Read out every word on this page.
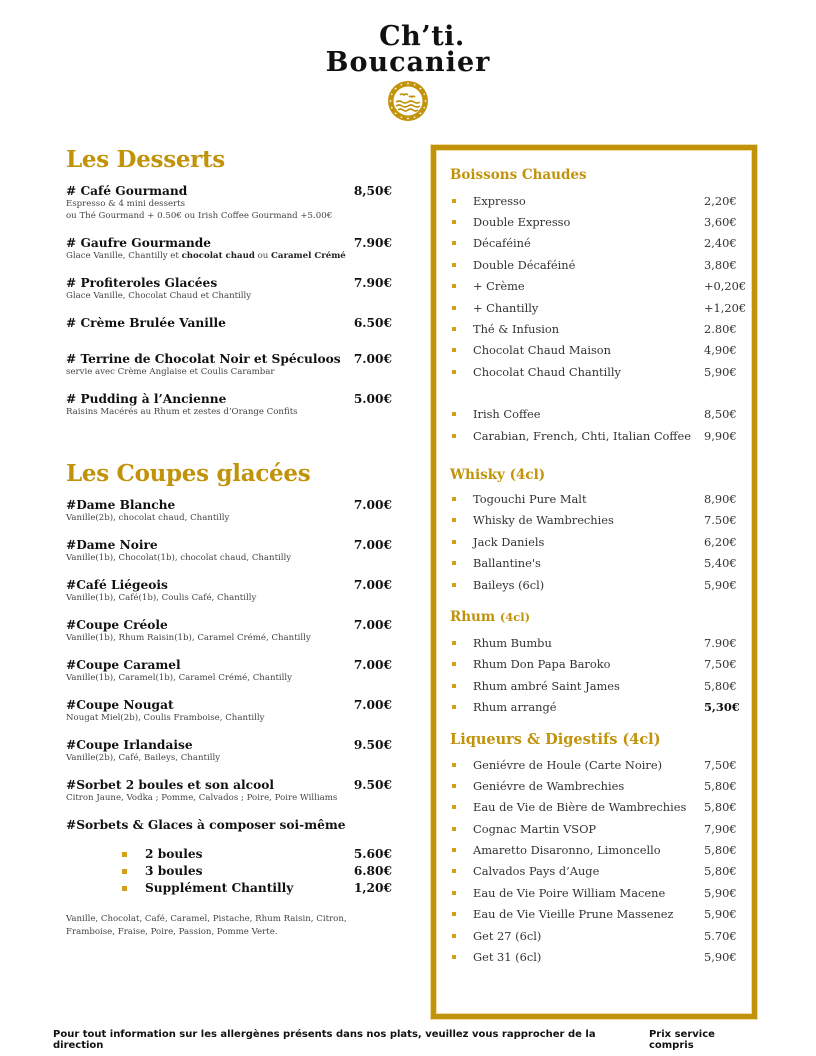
Ch’ti.
Boucanier
Les Desserts
# Café Gourmand	8,50€
Espresso & 4 mini desserts
ou Thé Gourmand + 0.50€ ou Irish Coffee Gourmand +5.00€
# Gaufre Gourmande	7.90€
Glace Vanille, Chantilly et chocolat chaud ou Caramel Crémé
# Profiteroles Glacées	7.90€
Glace Vanille, Chocolat Chaud et Chantilly
# Crème Brulée Vanille	6.50€
# Terrine de Chocolat Noir et Spéculoos 7.00€
servie avec Crème Anglaise et Coulis Carambar
# Pudding à l’Ancienne	5.00€
Raisins Macérés au Rhum et zestes d’Orange Confits
Les Coupes glacées
#Dame Blanche	7.00€
Vanille(2b), chocolat chaud, Chantilly
#Dame Noire	7.00€
Vanille(1b), Chocolat(1b), chocolat chaud, Chantilly
#Café Liégeois	7.00€
Vanille(1b), Café(1b), Coulis Café, Chantilly
#Coupe Créole	7.00€
Vanille(1b), Rhum Raisin(1b), Caramel Crémé, Chantilly
#Coupe Caramel	7.00€
Vanille(1b), Caramel(1b), Caramel Crémé, Chantilly
#Coupe Nougat	7.00€
Nougat Miel(2b), Coulis Framboise, Chantilly
#Coupe Irlandaise	9.50€
Vanille(2b), Café, Baileys, Chantilly
#Sorbet 2 boules et son alcool	9.50€
Citron Jaune, Vodka ; Pomme, Calvados ; Poire, Poire Williams
#Sorbets & Glaces à composer soi-même
2 boules	5.60€
3 boules	6.80€
Supplément Chantilly	1,20€
Vanille, Chocolat, Café, Caramel, Pistache, Rhum Raisin, Citron, Framboise, Fraise, Poire, Passion, Pomme Verte.
Boissons Chaudes
Expresso	2,20€
Double Expresso	3,60€
Décaféiné	2,40€
Double Décaféiné	3,80€
+ Crème	+0,20€
+ Chantilly	+1,20€
Thé & Infusion	2.80€
Chocolat Chaud Maison	4,90€
Chocolat Chaud Chantilly	5,90€
Irish Coffee	8,50€
Carabian, French, Chti, Italian Coffee	9,90€
Whisky (4cl)
Togouchi Pure Malt	8,90€
Whisky de Wambrechies	7.50€
Jack Daniels	6,20€
Ballantine's	5,40€
Baileys (6cl)	5,90€
Rhum (4cl)
Rhum Bumbu	7.90€
Rhum Don Papa Baroko	7,50€
Rhum ambré Saint James	5,80€
Rhum arrangé	5,30€
Liqueurs & Digestifs (4cl)
Geniévre de Houle (Carte Noire)	7,50€
Geniévre de Wambrechies	5,80€
Eau de Vie de Bière de Wambrechies	5,80€
Cognac Martin VSOP	7,90€
Amaretto Disaronno, Limoncello	5,80€
Calvados Pays d’Auge	5,80€
Eau de Vie Poire William Macene	5,90€
Eau de Vie Vieille Prune Massenez	5,90€
Get 27 (6cl)	5.70€
Get 31 (6cl)	5,90€
Pour tout information sur les allergènes présents dans nos plats, veuillez vous rapprocher de la direction
Prix service compris
